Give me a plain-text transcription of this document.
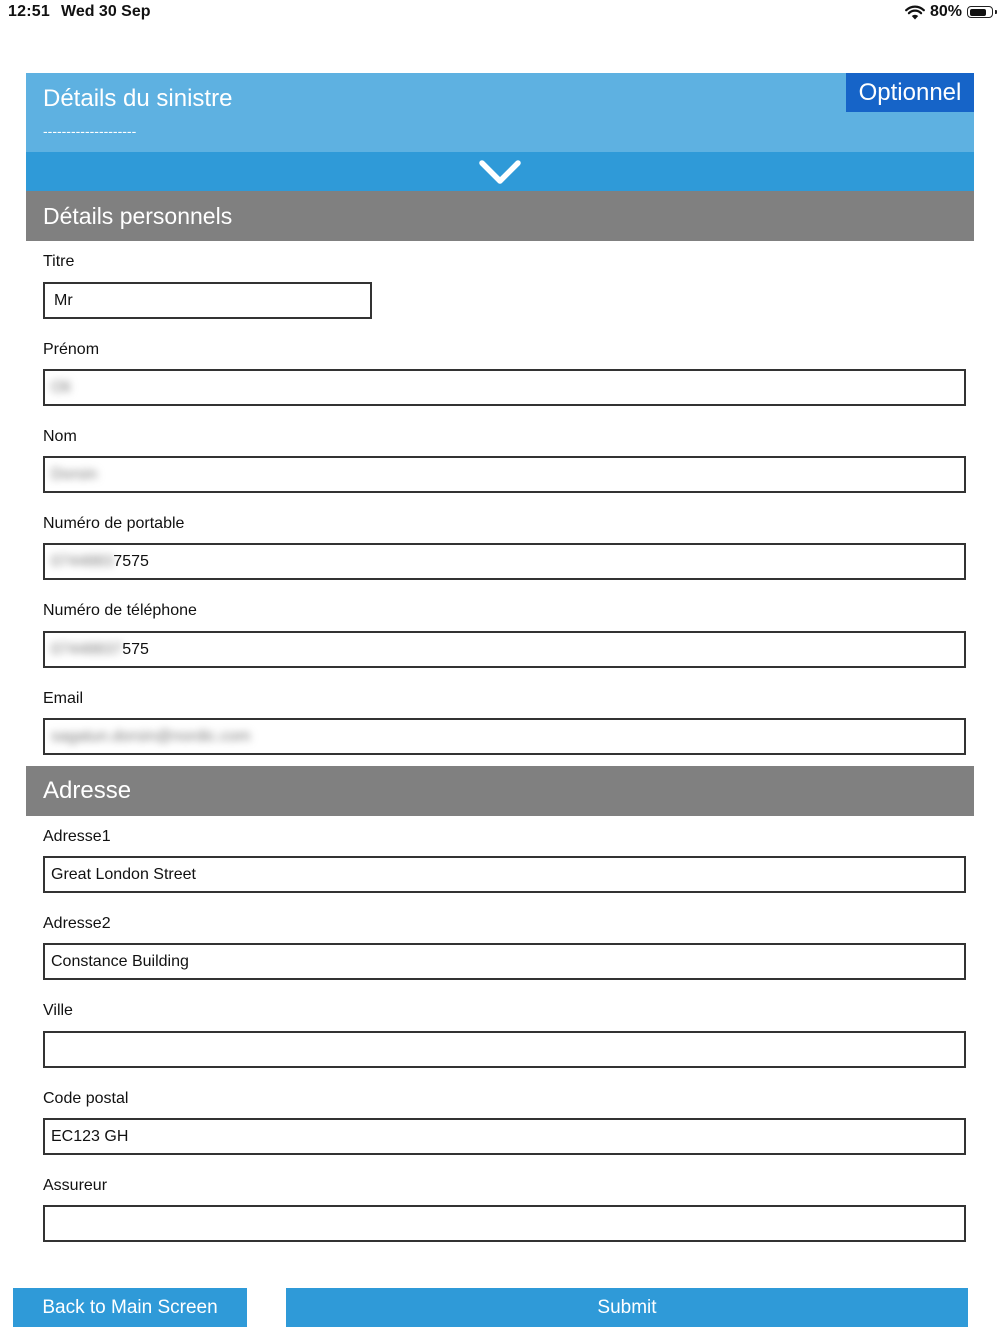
12:51 Wed 30 Sep	80%
Détails du sinistre
--------------------
Optionnel
Détails personnels
Titre
Mr
Prénom
Oli
Nom
Dorsin
Numéro de portable
0744883 7575
Numéro de téléphone
07448837 575
Email
sagatun.dorsin@nordic.com
Adresse
Adresse1
Great London Street
Adresse2
Constance Building
Ville
Code postal
EC123 GH
Assureur
Back to Main Screen	Submit
